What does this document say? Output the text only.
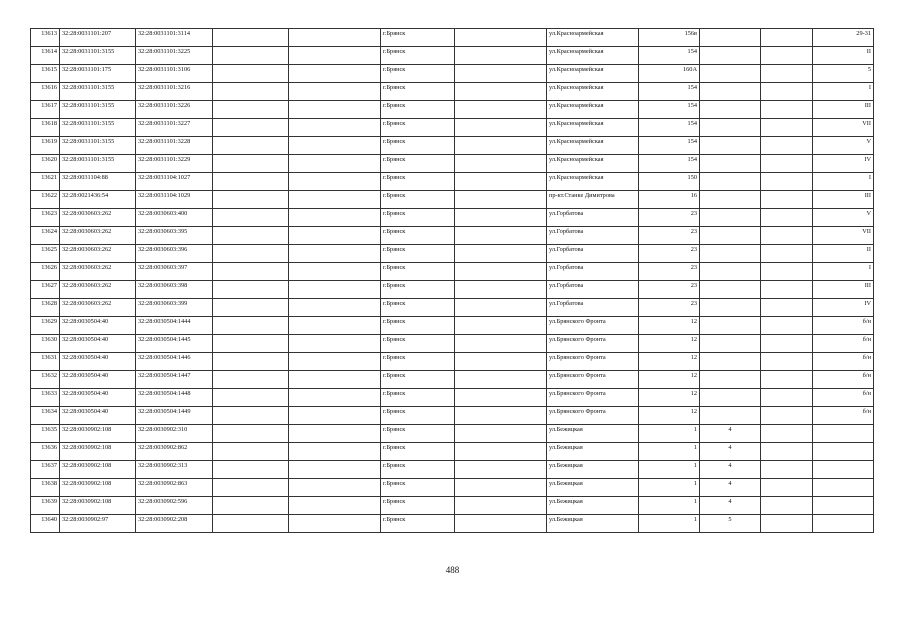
13613	32:28:0031101:207	32:28:0031101:3114			г.Брянск		ул.Красноармейская	156в			29-31
13614	32:28:0031101:3155	32:28:0031101:3225			г.Брянск		ул.Красноармейская	154			II
13615	32:28:0031101:175	32:28:0031101:3106			г.Брянск		ул.Красноармейская	160А			5
13616	32:28:0031101:3155	32:28:0031101:3216			г.Брянск		ул.Красноармейская	154			I
13617	32:28:0031101:3155	32:28:0031101:3226			г.Брянск		ул.Красноармейская	154			III
13618	32:28:0031101:3155	32:28:0031101:3227			г.Брянск		ул.Красноармейская	154			VII
13619	32:28:0031101:3155	32:28:0031101:3228			г.Брянск		ул.Красноармейская	154			V
13620	32:28:0031101:3155	32:28:0031101:3229			г.Брянск		ул.Красноармейская	154			IV
13621	32:28:0031104:88	32:28:0031104:1027			г.Брянск		ул.Красноармейская	150			I
13622	32:28:0021436:54	32:28:0031104:1029			г.Брянск		пр-кт.Станке Димитрова	16			III
13623	32:28:0030603:262	32:28:0030603:400			г.Брянск		ул.Горбатова	23			V
13624	32:28:0030603:262	32:28:0030603:395			г.Брянск		ул.Горбатова	23			VII
13625	32:28:0030603:262	32:28:0030603:396			г.Брянск		ул.Горбатова	23			II
13626	32:28:0030603:262	32:28:0030603:397			г.Брянск		ул.Горбатова	23			I
13627	32:28:0030603:262	32:28:0030603:398			г.Брянск		ул.Горбатова	23			III
13628	32:28:0030603:262	32:28:0030603:399			г.Брянск		ул.Горбатова	23			IV
13629	32:28:0030504:40	32:28:0030504:1444			г.Брянск		ул.Брянского Фронта	12			б/н
13630	32:28:0030504:40	32:28:0030504:1445			г.Брянск		ул.Брянского Фронта	12			б/н
13631	32:28:0030504:40	32:28:0030504:1446			г.Брянск		ул.Брянского Фронта	12			б/н
13632	32:28:0030504:40	32:28:0030504:1447			г.Брянск		ул.Брянского Фронта	12			б/н
13633	32:28:0030504:40	32:28:0030504:1448			г.Брянск		ул.Брянского Фронта	12			б/н
13634	32:28:0030504:40	32:28:0030504:1449			г.Брянск		ул.Брянского Фронта	12			б/н
13635	32:28:0030902:108	32:28:0030902:310			г.Брянск		ул.Бежицкая	1	4		
13636	32:28:0030902:108	32:28:0030902:862			г.Брянск		ул.Бежицкая	1	4		
13637	32:28:0030902:108	32:28:0030902:313			г.Брянск		ул.Бежицкая	1	4		
13638	32:28:0030902:108	32:28:0030902:863			г.Брянск		ул.Бежицкая	1	4		
13639	32:28:0030902:108	32:28:0030902:596			г.Брянск		ул.Бежицкая	1	4		
13640	32:28:0030902:97	32:28:0030902:208			г.Брянск		ул.Бежицкая	1	5		
488
